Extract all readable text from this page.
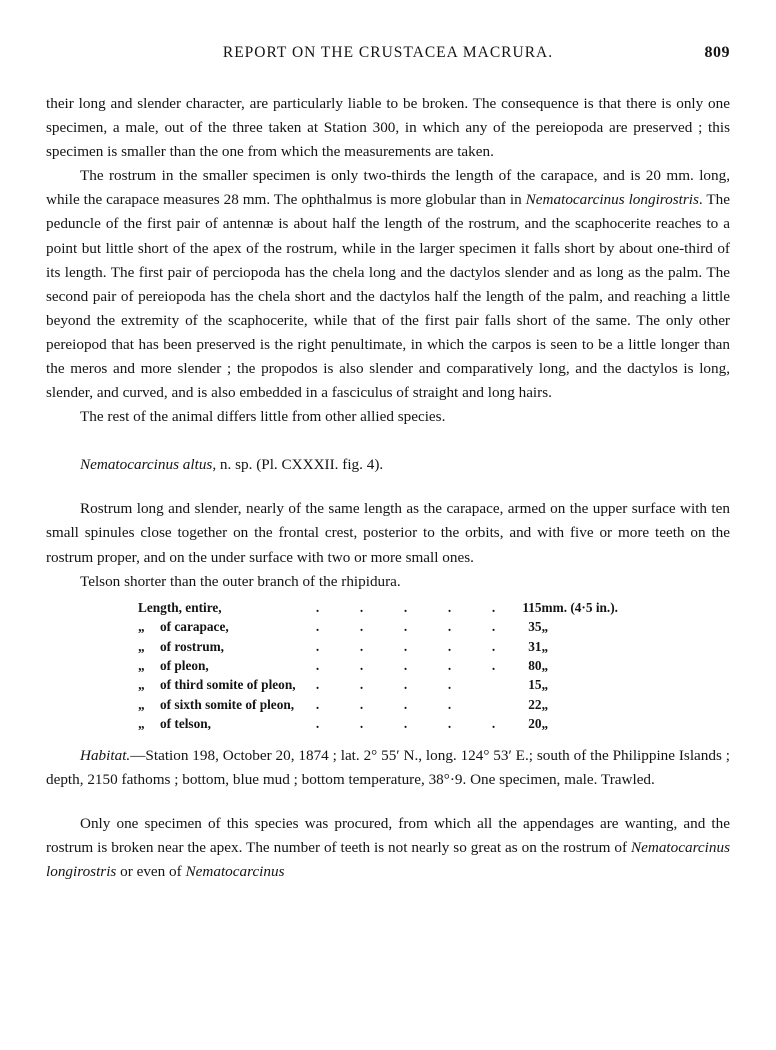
REPORT ON THE CRUSTACEA MACRURA.	809

their long and slender character, are particularly liable to be broken. The consequence is that there is only one specimen, a male, out of the three taken at Station 300, in which any of the pereiopoda are preserved ; this specimen is smaller than the one from which the measurements are taken.

The rostrum in the smaller specimen is only two-thirds the length of the carapace, and is 20 mm. long, while the carapace measures 28 mm. The ophthalmus is more globular than in Nematocarcinus longirostris. The peduncle of the first pair of antennæ is about half the length of the rostrum, and the scaphocerite reaches to a point but little short of the apex of the rostrum, while in the larger specimen it falls short by about one-third of its length. The first pair of perciopoda has the chela long and the dactylos slender and as long as the palm. The second pair of pereiopoda has the chela short and the dactylos half the length of the palm, and reaching a little beyond the extremity of the scaphocerite, while that of the first pair falls short of the same. The only other pereiopod that has been preserved is the right penultimate, in which the carpos is seen to be a little longer than the meros and more slender ; the propodos is also slender and comparatively long, and the dactylos is long, slender, and curved, and is also embedded in a fasciculus of straight and long hairs.

The rest of the animal differs little from other allied species.

Nematocarcinus altus, n. sp. (Pl. CXXXII. fig. 4).

Rostrum long and slender, nearly of the same length as the carapace, armed on the upper surface with ten small spinules close together on the frontal crest, posterior to the orbits, and with five or more teeth on the rostrum proper, and on the under surface with two or more small ones.

Telson shorter than the outer branch of the rhipidura.

Length, entire,	. . . . .	115	mm. (4·5 in.).
„ of carapace,	. . . . .	35	„
„ of rostrum,	. . . . .	31	„
„ of pleon,	. . . . .	80	„
„ of third somite of pleon,	. . . .	15	„
„ of sixth somite of pleon,	. . . .	22	„
„ of telson,	. . . . .	20	„

Habitat.—Station 198, October 20, 1874 ; lat. 2° 55′ N., long. 124° 53′ E.; south of the Philippine Islands ; depth, 2150 fathoms ; bottom, blue mud ; bottom temperature, 38°·9. One specimen, male. Trawled.

Only one specimen of this species was procured, from which all the appendages are wanting, and the rostrum is broken near the apex. The number of teeth is not nearly so great as on the rostrum of Nematocarcinus longirostris or even of Nematocarcinus
